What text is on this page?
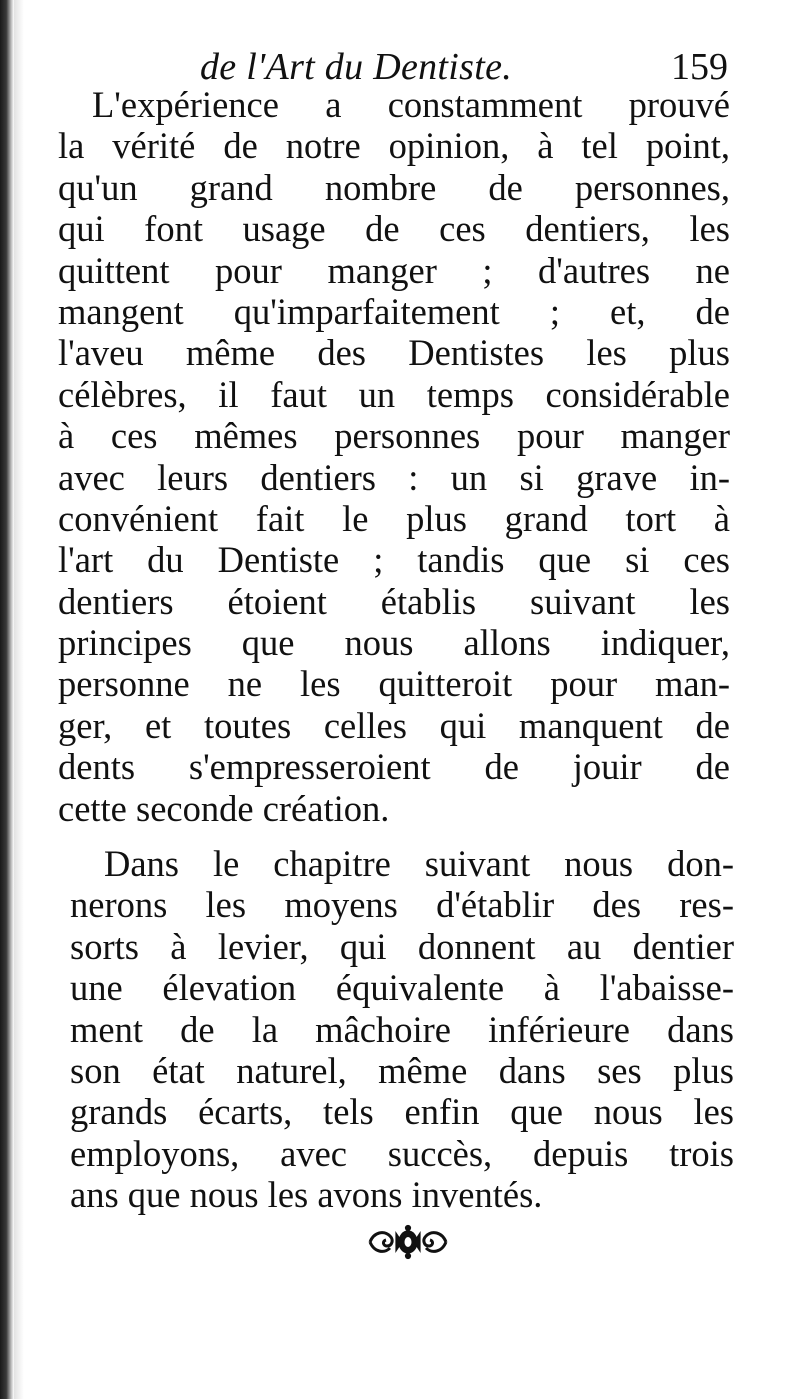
de l'Art du Dentiste.	159
L'expérience a constamment prouvé
la vérité de notre opinion, à tel point,
qu'un grand nombre de personnes,
qui font usage de ces dentiers, les
quittent pour manger ; d'autres ne
mangent qu'imparfaitement ; et, de
l'aveu même des Dentistes les plus
célèbres, il faut un temps considérable
à ces mêmes personnes pour manger
avec leurs dentiers : un si grave in-
convénient fait le plus grand tort à
l'art du Dentiste ; tandis que si ces
dentiers étoient établis suivant les
principes que nous allons indiquer,
personne ne les quitteroit pour man-
ger, et toutes celles qui manquent de
dents s'empresseroient de jouir de
cette seconde création.
Dans le chapitre suivant nous don-
nerons les moyens d'établir des res-
sorts à levier, qui donnent au dentier
une élevation équivalente à l'abaisse-
ment de la mâchoire inférieure dans
son état naturel, même dans ses plus
grands écarts, tels enfin que nous les
employons, avec succès, depuis trois
ans que nous les avons inventés.
